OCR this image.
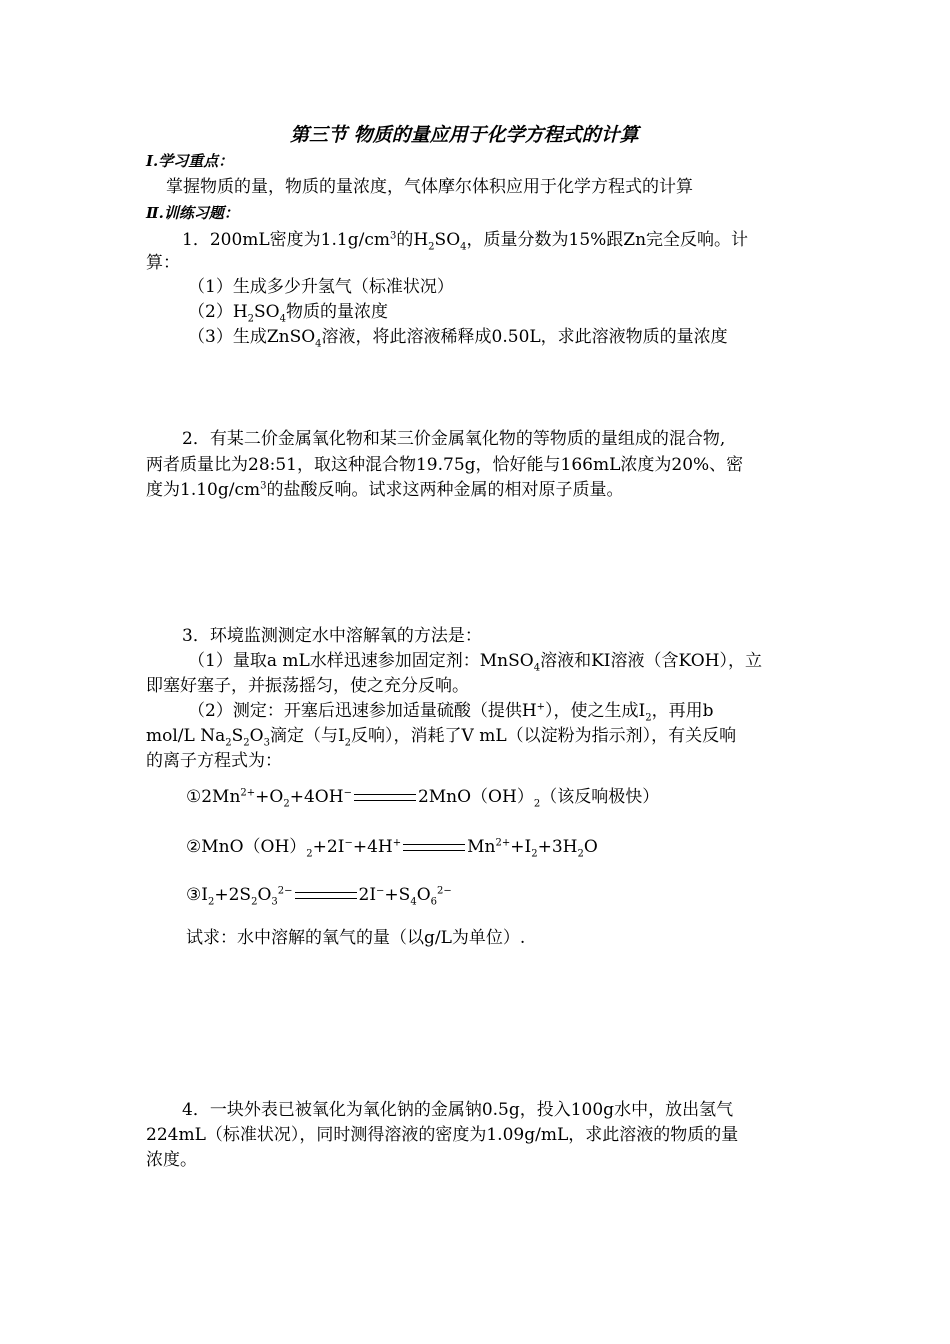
第三节 物质的量应用于化学方程式的计算
Ⅰ.学习重点：
掌握物质的量，物质的量浓度，气体摩尔体积应用于化学方程式的计算
Ⅱ.训练习题：
1．200mL密度为$1.1g/cm^3$的$H_2SO_4$，质量分数为15%跟Zn完全反响。计
算：
（1）生成多少升氢气（标准状况）
$(2)H_2SO_4$物质的量浓度
（3）生成ZnSO$_4$溶液，将此溶液稀释成0.50L，求此溶液物质的量浓度
2．有某二价金属氧化物和某三价金属氧化物的等物质的量组成的混合物,
两者质量比为28:51，取这种混合物19.75g，恰好能与166mL浓度为20%、密
度为$1.10g/cm^3$的盐酸反响。试求这两种金属的相对原子质量。
3．环境监测测定水中溶解氧的方法是：
（1）量取a mL水样迅速参加固定剂：MnSO$_4$溶液和KI溶液（含KOH），立
即塞好塞子，并振荡摇匀，使之充分反响。
（2）测定：开塞后迅速参加适量硫酸（提供H+），使之生成$I_2$，再用b
mol/L $Na_2S_2O_3$滴定（与$I_2$反响），消耗了V mL（以淀粉为指示剂），有关反响
的离子方程式为：
$①2Mn^{2+}+O_2+4OH^-$	$2MnO(OH)_2$（该反响极快）
$②MnO(OH)_2+2I^-+4H^+$	$Mn^{2+}+I_2+3H_2O$
$③I_2+2S_2O_3^{2-}$	$2I^-+S_4O_6^{2-}$
试求：水中溶解的氧气的量（以g/L为单位）.
4．一块外表已被氧化为氧化钠的金属钠0.5g，投入100g水中，放出氢气
224mL（标准状况），同时测得溶液的密度为1.09g/mL，求此溶液的物质的量
浓度。
